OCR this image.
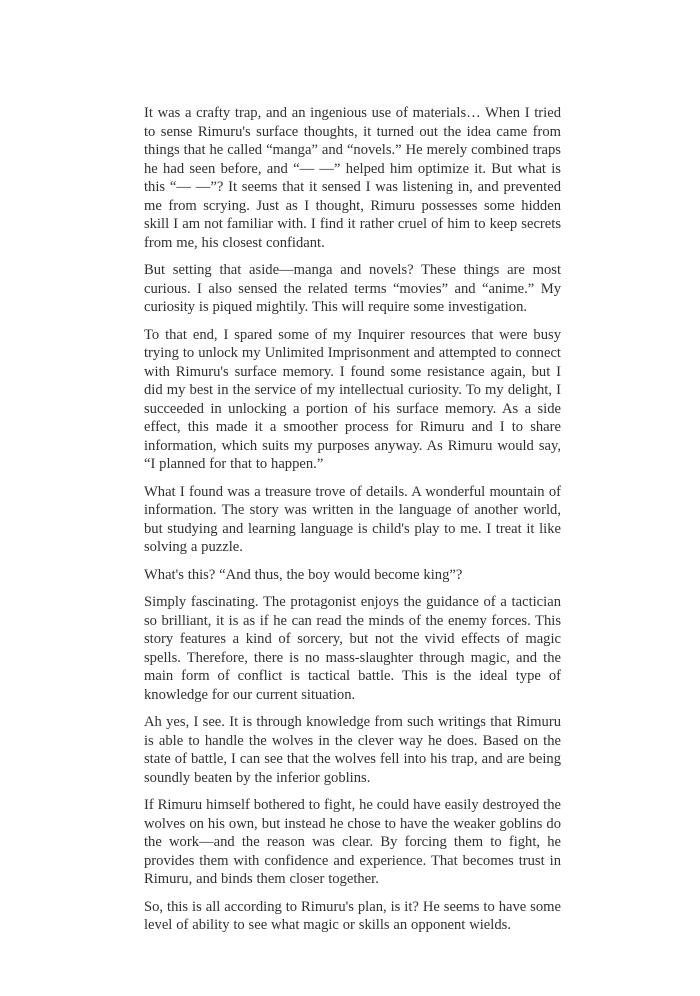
It was a crafty trap, and an ingenious use of materials… When I tried to sense Rimuru's surface thoughts, it turned out the idea came from things that he called “manga” and “novels.” He merely combined traps he had seen before, and “— —” helped him optimize it. But what is this “— —”? It seems that it sensed I was listening in, and prevented me from scrying. Just as I thought, Rimuru possesses some hidden skill I am not familiar with. I find it rather cruel of him to keep secrets from me, his closest confidant.

But setting that aside—manga and novels? These things are most curious. I also sensed the related terms “movies” and “anime.” My curiosity is piqued mightily. This will require some investigation.

To that end, I spared some of my Inquirer resources that were busy trying to unlock my Unlimited Imprisonment and attempted to connect with Rimuru's surface memory. I found some resistance again, but I did my best in the service of my intellectual curiosity. To my delight, I succeeded in unlocking a portion of his surface memory. As a side effect, this made it a smoother process for Rimuru and I to share information, which suits my purposes anyway. As Rimuru would say, “I planned for that to happen.”

What I found was a treasure trove of details. A wonderful mountain of information. The story was written in the language of another world, but studying and learning language is child's play to me. I treat it like solving a puzzle.

What's this? “And thus, the boy would become king”?

Simply fascinating. The protagonist enjoys the guidance of a tactician so brilliant, it is as if he can read the minds of the enemy forces. This story features a kind of sorcery, but not the vivid effects of magic spells. Therefore, there is no mass-slaughter through magic, and the main form of conflict is tactical battle. This is the ideal type of knowledge for our current situation.

Ah yes, I see. It is through knowledge from such writings that Rimuru is able to handle the wolves in the clever way he does. Based on the state of battle, I can see that the wolves fell into his trap, and are being soundly beaten by the inferior goblins.

If Rimuru himself bothered to fight, he could have easily destroyed the wolves on his own, but instead he chose to have the weaker goblins do the work—and the reason was clear. By forcing them to fight, he provides them with confidence and experience. That becomes trust in Rimuru, and binds them closer together.

So, this is all according to Rimuru's plan, is it? He seems to have some level of ability to see what magic or skills an opponent wields.
